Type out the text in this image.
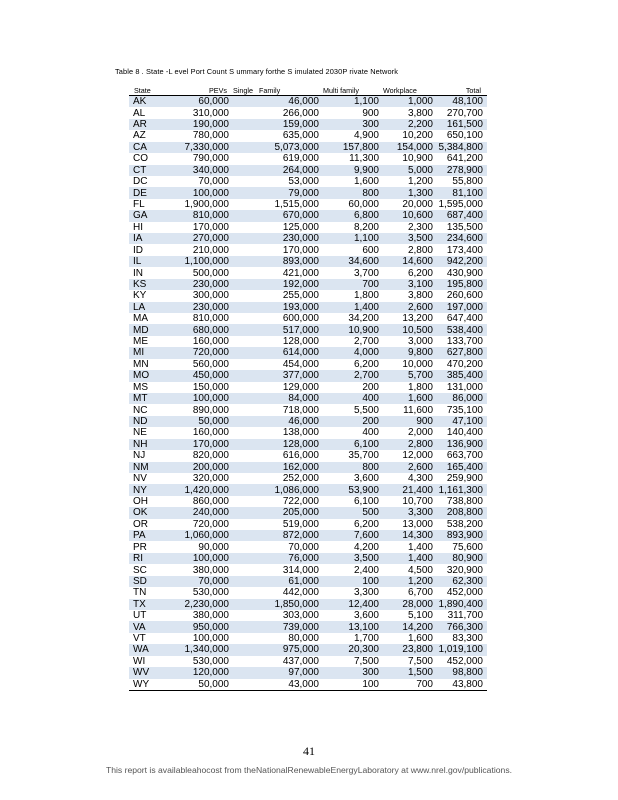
Table 8 . State -L evel Port Count S ummary forthe S imulated 2030P rivate Network
State	PEVs	Single	Family	Multi family	Workplace	Total
AK	60,000	46,000		1,100	1,000	48,100
AL	310,000	266,000		900	3,800	270,700
AR	190,000	159,000		300	2,200	161,500
AZ	780,000	635,000		4,900	10,200	650,100
CA	7,330,000	5,073,000		157,800	154,000	5,384,800
CO	790,000	619,000		11,300	10,900	641,200
CT	340,000	264,000		9,900	5,000	278,900
DC	70,000	53,000		1,600	1,200	55,800
DE	100,000	79,000		800	1,300	81,100
FL	1,900,000	1,515,000		60,000	20,000	1,595,000
GA	810,000	670,000		6,800	10,600	687,400
HI	170,000	125,000		8,200	2,300	135,500
IA	270,000	230,000		1,100	3,500	234,600
ID	210,000	170,000		600	2,800	173,400
IL	1,100,000	893,000		34,600	14,600	942,200
IN	500,000	421,000		3,700	6,200	430,900
KS	230,000	192,000		700	3,100	195,800
KY	300,000	255,000		1,800	3,800	260,600
LA	230,000	193,000		1,400	2,600	197,000
MA	810,000	600,000		34,200	13,200	647,400
MD	680,000	517,000		10,900	10,500	538,400
ME	160,000	128,000		2,700	3,000	133,700
MI	720,000	614,000		4,000	9,800	627,800
MN	560,000	454,000		6,200	10,000	470,200
MO	450,000	377,000		2,700	5,700	385,400
MS	150,000	129,000		200	1,800	131,000
MT	100,000	84,000		400	1,600	86,000
NC	890,000	718,000		5,500	11,600	735,100
ND	50,000	46,000		200	900	47,100
NE	160,000	138,000		400	2,000	140,400
NH	170,000	128,000		6,100	2,800	136,900
NJ	820,000	616,000		35,700	12,000	663,700
NM	200,000	162,000		800	2,600	165,400
NV	320,000	252,000		3,600	4,300	259,900
NY	1,420,000	1,086,000		53,900	21,400	1,161,300
OH	860,000	722,000		6,100	10,700	738,800
OK	240,000	205,000		500	3,300	208,800
OR	720,000	519,000		6,200	13,000	538,200
PA	1,060,000	872,000		7,600	14,300	893,900
PR	90,000	70,000		4,200	1,400	75,600
RI	100,000	76,000		3,500	1,400	80,900
SC	380,000	314,000		2,400	4,500	320,900
SD	70,000	61,000		100	1,200	62,300
TN	530,000	442,000		3,300	6,700	452,000
TX	2,230,000	1,850,000		12,400	28,000	1,890,400
UT	380,000	303,000		3,600	5,100	311,700
VA	950,000	739,000		13,100	14,200	766,300
VT	100,000	80,000		1,700	1,600	83,300
WA	1,340,000	975,000		20,300	23,800	1,019,100
WI	530,000	437,000		7,500	7,500	452,000
WV	120,000	97,000		300	1,500	98,800
WY	50,000	43,000		100	700	43,800
41
This report is availableahocost from theNationalRenewableEnergyLaboratory at www.nrel.gov/publications.
